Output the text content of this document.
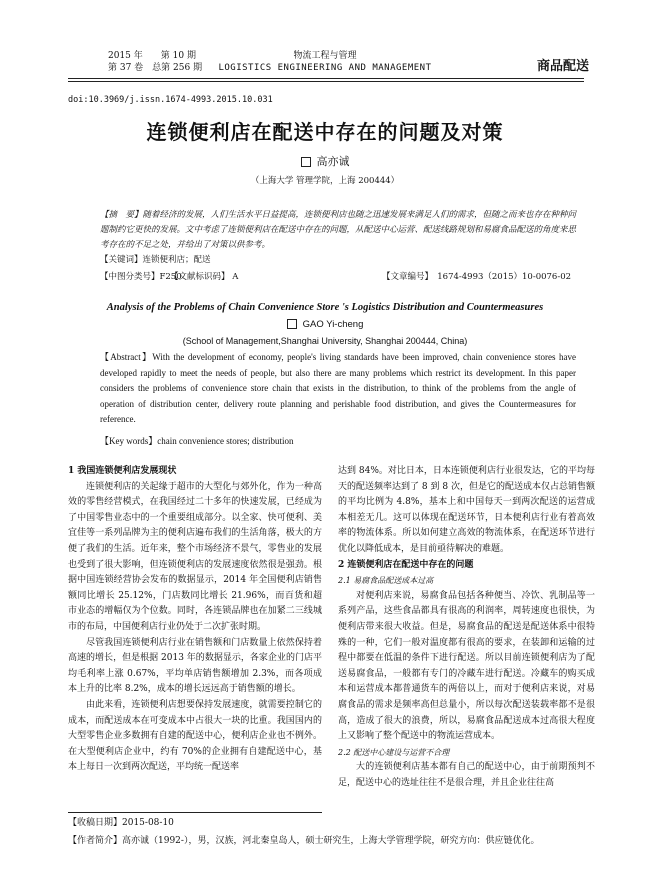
2015 年　　第 10 期
第 37 卷　总第 256 期
物流工程与管理
LOGISTICS ENGINEERING AND MANAGEMENT	商品配送
doi:10.3969/j.issn.1674-4993.2015.10.031
连锁便利店在配送中存在的问题及对策
高亦诚
（上海大学 管理学院，上海 200444）
【摘　要】随着经济的发展，人们生活水平日益提高，连锁便利店也随之迅速发展来满足人们的需求，但随之而来也存在种种问题制约它更快的发展。文中考虑了连锁便利店在配送中存在的问题，从配送中心运营、配送线路规划和易腐食品配送的角度来思考存在的不足之处，并给出了对策以供参考。
【关键词】连锁便利店；配送
【中图分类号】F250
【文献标识码】 A	【文章编号】　1674-4993（2015）10-0076-02
Analysis of the Problems of Chain Convenience Store 's Logistics Distribution and Countermeasures
GAO Yi-cheng
(School of Management,Shanghai University, Shanghai 200444, China)
【Abstract】With the development of economy, people's living standards have been improved, chain convenience stores have developed rapidly to meet the needs of people, but also there are many problems which restrict its development. In this paper considers the problems of convenience store chain that exists in the distribution, to think of the problems from the angle of operation of distribution center, delivery route planning and perishable food distribution, and gives the Countermeasures for reference.
【Key words】chain convenience stores; distribution

1 我国连锁便利店发展现状

连锁便利店的关起缘于超市的大型化与郊外化，作为一种高效的零售经营模式，在我国经过二十多年的快速发展，已经成为了中国零售业态中的一个重要组成部分。以全家、快可便利、美宜佳等一系列品牌为主的便利店遍布我们的生活角落，极大的方便了我们的生活。近年来，整个市场经济不景气，零售业的发展也受到了很大影响，但连锁便利店的发展速度依然很是强劲。根据中国连锁经营协会发布的数据显示，2014 年全国便利店销售额同比增长 25.12%，门店数同比增长 21.96%，而百货和超市业态的增幅仅为个位数。同时，各连锁品牌也在加紧二三线城市的布局，中国便利店行业仍处于二次扩张时期。

尽管我国连锁便利店行业在销售额和门店数量上依然保持着高速的增长，但是根据 2013 年的数据显示，各家企业的门店平均毛利率上涨 0.67%，平均单店销售额增加 2.3%，而各项成本上升的比率 8.2%，成本的增长远远高于销售额的增长。

由此来看，连锁便利店想要保持发展速度，就需要控制它的成本，而配送成本在可变成本中占很大一块的比重。我国国内的大型零售企业多数拥有自建的配送中心，便利店企业也不例外。在大型便利店企业中，约有 70%的企业拥有自建配送中心，基本上每日一次到两次配送，平均统一配送率

达到 84%。对比日本，日本连锁便利店行业很发达，它的平均每天的配送频率达到了 8 到 8 次，但是它的配送成本仅占总销售额的平均比例为 4.8%，基本上和中国每天一到两次配送的运营成本相差无几。这可以体现在配送环节，日本便利店行业有着高效率的物流体系。所以如何建立高效的物流体系，在配送环节进行优化以降低成本，是目前亟待解决的难题。

2 连锁便利店在配送中存在的问题

2.1 易腐食品配送成本过高

对便利店来说，易腐食品包括各种便当、冷饮、乳制品等一系列产品，这些食品都具有很高的利润率，周转速度也很快，为便利店带来很大收益。但是，易腐食品的配送是配送体系中很特殊的一种，它们一般对温度都有很高的要求，在装卸和运输的过程中都要在低温的条件下进行配送。所以目前连锁便利店为了配送易腐食品，一般都有专门的冷藏车进行配送。冷藏车的购买成本和运营成本都普通货车的两倍以上，而对于便利店来说，对易腐食品的需求是频率高但总量小，所以每次配送装载率都不是很高，造成了很大的浪费，所以，易腐食品配送成本过高很大程度上又影响了整个配送中的物流运营成本。

2.2 配送中心建设与运营不合理

大的连锁便利店基本都有自己的配送中心，由于前期预判不足，配送中心的选址往往不是很合理，并且企业往往高

【收稿日期】2015-08-10
【作者简介】高亦诚（1992-），男，汉族，河北秦皇岛人，硕士研究生，上海大学管理学院，研究方向：供应链优化。
